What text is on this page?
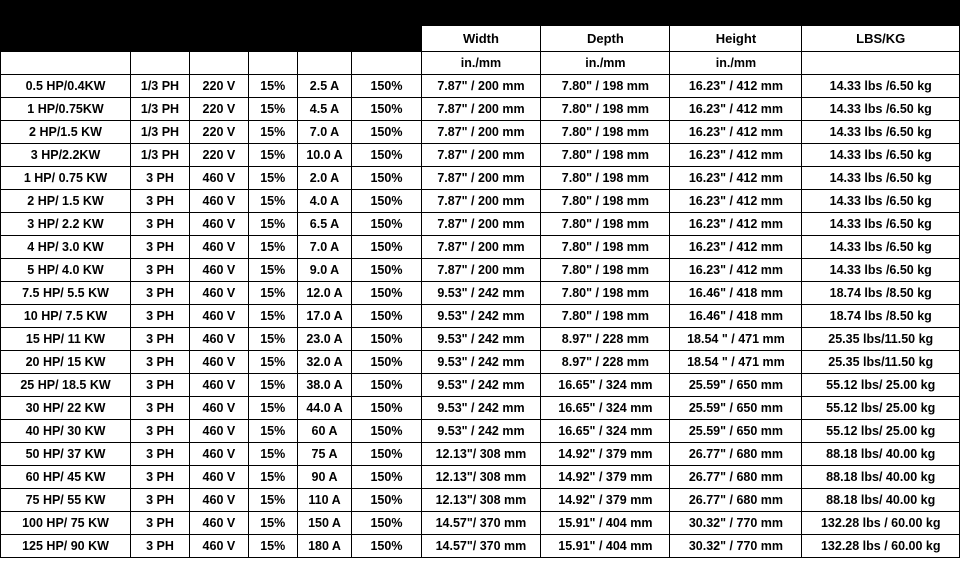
HP/KW	Phase	Voltage	Rated	Input	Overload	Dimensions			Weight
		Volts	(+/-)	Amps	Capacity	Width	Depth	Height	LBS/KG
						in./mm	in./mm	in./mm	
0.5 HP/0.4KW	1/3 PH	220 V	15%	2.5 A	150%	7.87" / 200 mm	7.80" / 198 mm	16.23" / 412 mm	14.33 lbs /6.50 kg
1 HP/0.75KW	1/3 PH	220 V	15%	4.5 A	150%	7.87" / 200 mm	7.80" / 198 mm	16.23" / 412 mm	14.33 lbs /6.50 kg
2 HP/1.5 KW	1/3 PH	220 V	15%	7.0 A	150%	7.87" / 200 mm	7.80" / 198 mm	16.23" / 412 mm	14.33 lbs /6.50 kg
3 HP/2.2KW	1/3 PH	220 V	15%	10.0 A	150%	7.87" / 200 mm	7.80" / 198 mm	16.23" / 412 mm	14.33 lbs /6.50 kg
1 HP/ 0.75 KW	3 PH	460 V	15%	2.0 A	150%	7.87" / 200 mm	7.80" / 198 mm	16.23" / 412 mm	14.33 lbs /6.50 kg
2 HP/ 1.5 KW	3 PH	460 V	15%	4.0 A	150%	7.87" / 200 mm	7.80" / 198 mm	16.23" / 412 mm	14.33 lbs /6.50 kg
3 HP/ 2.2 KW	3 PH	460 V	15%	6.5 A	150%	7.87" / 200 mm	7.80" / 198 mm	16.23" / 412 mm	14.33 lbs /6.50 kg
4 HP/ 3.0 KW	3 PH	460 V	15%	7.0 A	150%	7.87" / 200 mm	7.80" / 198 mm	16.23" / 412 mm	14.33 lbs /6.50 kg
5 HP/ 4.0 KW	3 PH	460 V	15%	9.0 A	150%	7.87" / 200 mm	7.80" / 198 mm	16.23" / 412 mm	14.33 lbs /6.50 kg
7.5 HP/ 5.5 KW	3 PH	460 V	15%	12.0 A	150%	9.53" / 242 mm	7.80" / 198 mm	16.46" / 418 mm	18.74 lbs /8.50 kg
10 HP/ 7.5 KW	3 PH	460 V	15%	17.0 A	150%	9.53" / 242 mm	7.80" / 198 mm	16.46" / 418 mm	18.74 lbs /8.50 kg
15 HP/ 11 KW	3 PH	460 V	15%	23.0 A	150%	9.53" / 242 mm	8.97" / 228 mm	18.54 " / 471 mm	25.35 lbs/11.50 kg
20 HP/ 15 KW	3 PH	460 V	15%	32.0 A	150%	9.53" / 242 mm	8.97" / 228 mm	18.54 " / 471 mm	25.35 lbs/11.50 kg
25 HP/ 18.5 KW	3 PH	460 V	15%	38.0 A	150%	9.53" / 242 mm	16.65" / 324 mm	25.59" / 650 mm	55.12 lbs/ 25.00 kg
30 HP/ 22 KW	3 PH	460 V	15%	44.0 A	150%	9.53" / 242 mm	16.65" / 324 mm	25.59" / 650 mm	55.12 lbs/ 25.00 kg
40 HP/ 30 KW	3 PH	460 V	15%	60 A	150%	9.53" / 242 mm	16.65" / 324 mm	25.59" / 650 mm	55.12 lbs/ 25.00 kg
50 HP/ 37 KW	3 PH	460 V	15%	75 A	150%	12.13"/ 308 mm	14.92" / 379 mm	26.77" / 680 mm	88.18 lbs/ 40.00 kg
60 HP/ 45 KW	3 PH	460 V	15%	90 A	150%	12.13"/ 308 mm	14.92" / 379 mm	26.77" / 680 mm	88.18 lbs/ 40.00 kg
75 HP/ 55 KW	3 PH	460 V	15%	110 A	150%	12.13"/ 308 mm	14.92" / 379 mm	26.77" / 680 mm	88.18 lbs/ 40.00 kg
100 HP/ 75 KW	3 PH	460 V	15%	150 A	150%	14.57"/ 370 mm	15.91" / 404 mm	30.32" / 770 mm	132.28 lbs / 60.00 kg
125 HP/ 90 KW	3 PH	460 V	15%	180 A	150%	14.57"/ 370 mm	15.91" / 404 mm	30.32" / 770 mm	132.28 lbs / 60.00 kg
